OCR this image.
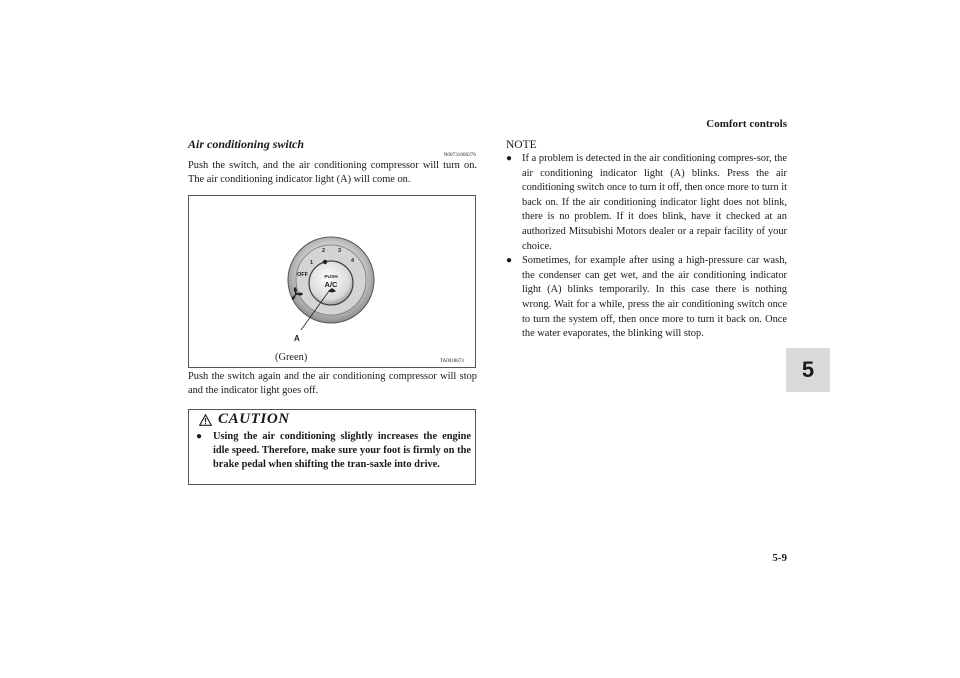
Comfort controls
Air conditioning switch
N00731000276
Push the switch, and the air conditioning compressor will turn on. The air conditioning indicator light (A) will come on.
OFF
1
2 3
4
PUSH
A/C
A
(Green)	TA0018673
Push the switch again and the air conditioning compressor will stop and the indicator light goes off.
CAUTION
●	Using the air conditioning slightly increases the engine idle speed. Therefore, make sure your foot is firmly on the brake pedal when shifting the tran-saxle into drive.
NOTE
● If a problem is detected in the air conditioning compres-sor, the air conditioning indicator light (A) blinks. Press the air conditioning switch once to turn it off, then once more to turn it back on. If the air conditioning indicator light does not blink, there is no problem. If it does blink, have it checked at an authorized Mitsubishi Motors dealer or a repair facility of your choice.
● Sometimes, for example after using a high-pressure car wash, the condenser can get wet, and the air conditioning indicator light (A) blinks temporarily. In this case there is nothing wrong. Wait for a while, press the air conditioning switch once to turn the system off, then once more to turn it back on. Once the water evaporates, the blinking will stop.
5
5-9
